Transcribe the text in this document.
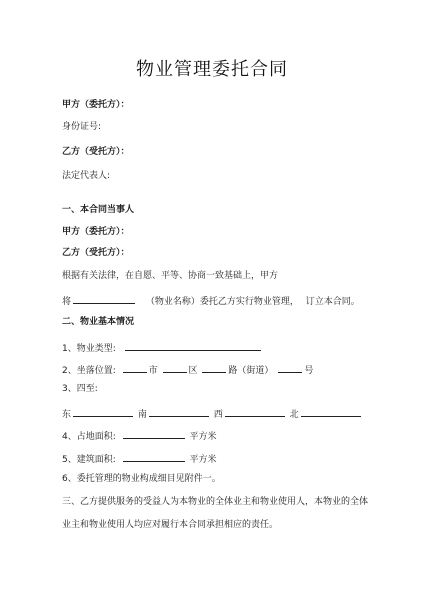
物业管理委托合同
甲方（委托方）：
身份证号:
乙方（受托方）：
法定代表人:
一、本合同当事人
甲方（委托方）：
乙方（受托方）：
根据有关法律，在自愿、平等、协商一致基础上，甲方
将	（物业名称）委托乙方实行物业管理， 订立本合同。
二、物业基本情况
1、物业类型:
2、坐落位置:	市	区	路（街道）	号
3、四至:
东	南	西	北
4、占地面积:	平方米
5、建筑面积:	平方米
6、委托管理的物业构成细目见附件一。
三、乙方提供服务的受益人为本物业的全体业主和物业使用人，本物业的全体
业主和物业使用人均应对履行本合同承担相应的责任。
